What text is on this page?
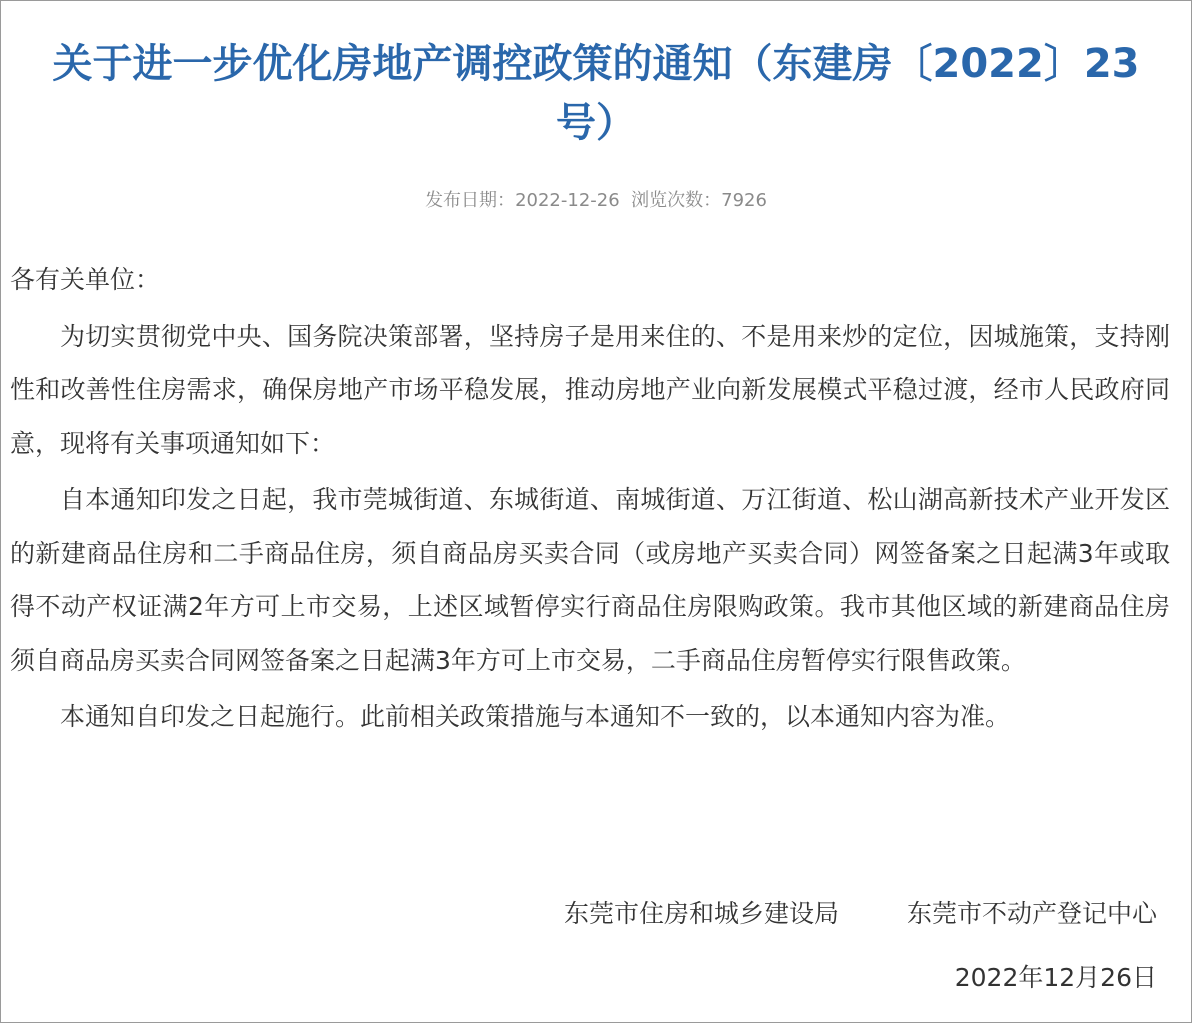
关于进一步优化房地产调控政策的通知（东建房〔2022〕23号）
发布日期：2022-12-26 浏览次数：7926

各有关单位：

为切实贯彻党中央、国务院决策部署，坚持房子是用来住的、不是用来炒的定位，因城施策，支持刚性和改善性住房需求，确保房地产市场平稳发展，推动房地产业向新发展模式平稳过渡，经市人民政府同意，现将有关事项通知如下：

自本通知印发之日起，我市莞城街道、东城街道、南城街道、万江街道、松山湖高新技术产业开发区的新建商品住房和二手商品住房，须自商品房买卖合同（或房地产买卖合同）网签备案之日起满3年或取得不动产权证满2年方可上市交易，上述区域暂停实行商品住房限购政策。我市其他区域的新建商品住房须自商品房买卖合同网签备案之日起满3年方可上市交易，二手商品住房暂停实行限售政策。

本通知自印发之日起施行。此前相关政策措施与本通知不一致的，以本通知内容为准。

东莞市住房和城乡建设局	东莞市不动产登记中心
2022年12月26日
